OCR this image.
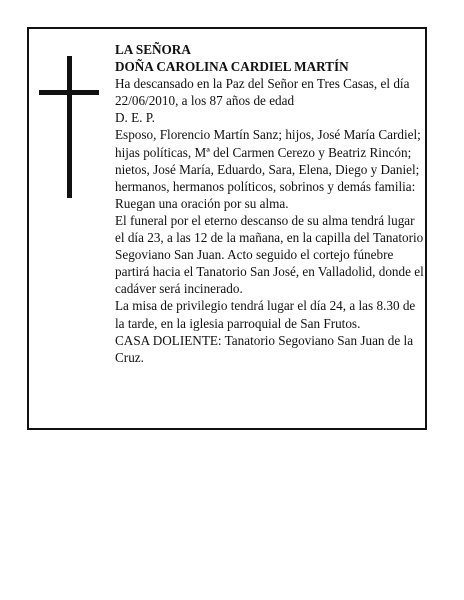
LA SEÑORA

DOÑA CAROLINA CARDIEL MARTÍN

Ha descansado en la Paz del Señor en Tres Casas, el día 22/06/2010, a los 87 años de edad

D. E. P.

Esposo, Florencio Martín Sanz; hijos, José María Cardiel; hijas políticas, Mª del Carmen Cerezo y Beatriz Rincón; nietos, José María, Eduardo, Sara, Elena, Diego y Daniel; hermanos, hermanos políticos, sobrinos y demás familia:

Ruegan una oración por su alma.

El funeral por el eterno descanso de su alma tendrá lugar el día 23, a las 12 de la mañana, en la capilla del Tanatorio Segoviano San Juan. Acto seguido el cortejo fúnebre partirá hacia el Tanatorio San José, en Valladolid, donde el cadáver será incinerado.

La misa de privilegio tendrá lugar el día 24, a las 8.30 de la tarde, en la iglesia parroquial de San Frutos.

CASA DOLIENTE: Tanatorio Segoviano San Juan de la Cruz.
